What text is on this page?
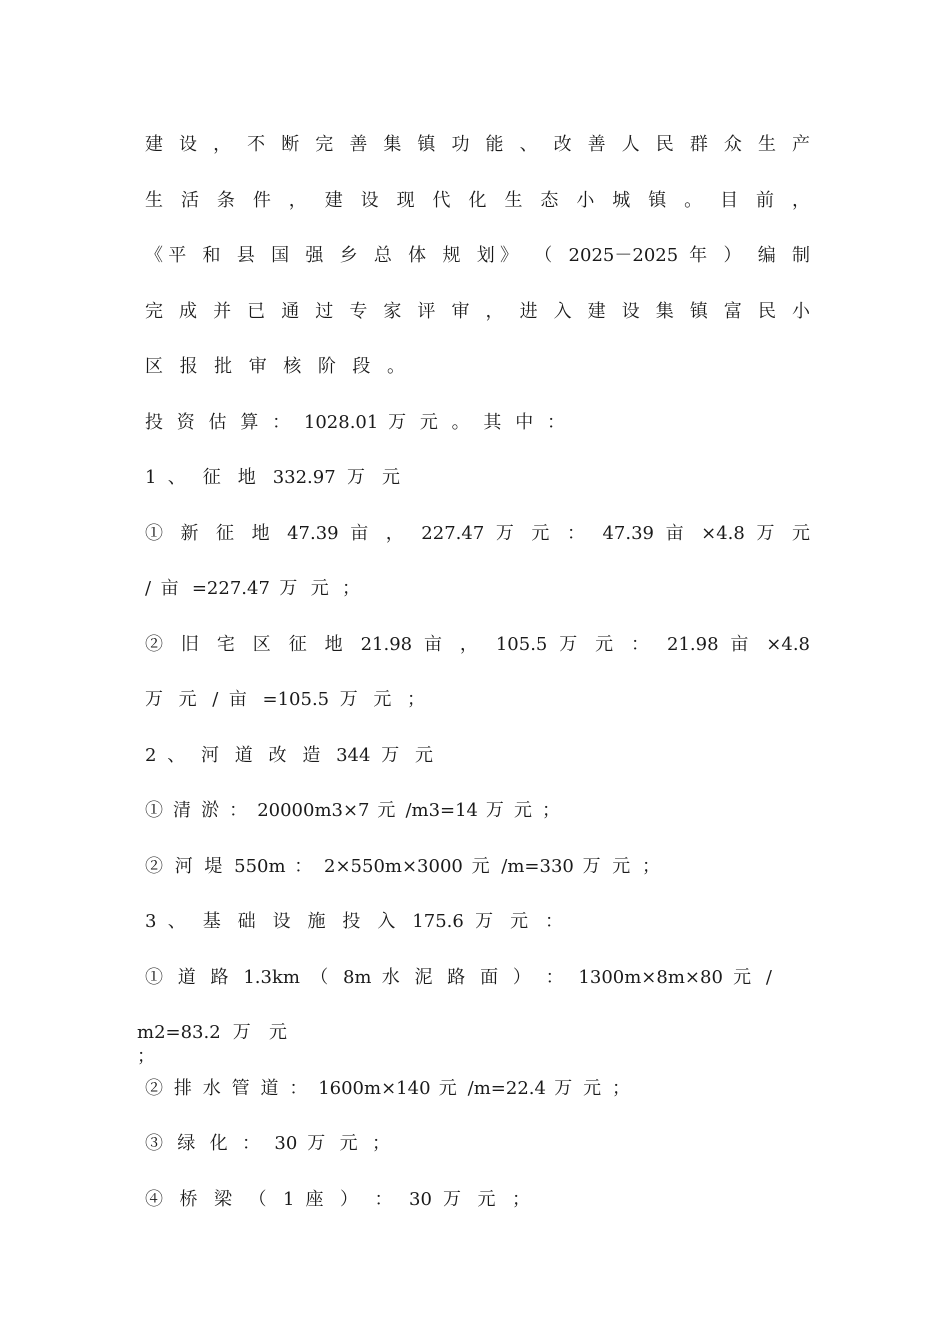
建 设 ， 不 断 完 善 集 镇 功 能 、 改 善 人 民 群 众 生 产
生 活 条 件 ， 建 设 现 代 化 生 态 小 城 镇 。 目 前 ，
《平 和 县 国 强 乡 总 体 规 划》 （ 2025－2025 年 ） 编 制
完 成 并 已 通 过 专 家 评 审 ， 进 入 建 设 集 镇 富 民 小
区 报 批 审 核 阶 段 。
投 资 估 算 ： 1028.01 万 元 。 其 中 ：
1 、 征 地 332.97 万 元
① 新 征 地 47.39 亩 ， 227.47 万 元 ： 47.39 亩 ×4.8 万 元
/ 亩 =227.47 万 元 ；
② 旧 宅 区 征 地 21.98 亩 ， 105.5 万 元 ： 21.98 亩 ×4.8
万 元 / 亩 =105.5 万 元 ；
2 、 河 道 改 造 344 万 元
① 清 淤 ： 20000m3×7 元 /m3=14 万 元 ；
② 河 堤 550m ： 2×550m×3000 元 /m=330 万 元 ；
3 、 基 础 设 施 投 入 175.6 万 元 ：
① 道 路 1.3km （ 8m 水 泥 路 面 ） ： 1300m×8m×80 元 /
m2=83.2 万 元 ；
② 排 水 管 道 ： 1600m×140 元 /m=22.4 万 元 ；
③ 绿 化 ： 30 万 元 ；
④ 桥 梁 （ 1 座 ） ： 30 万 元 ；
